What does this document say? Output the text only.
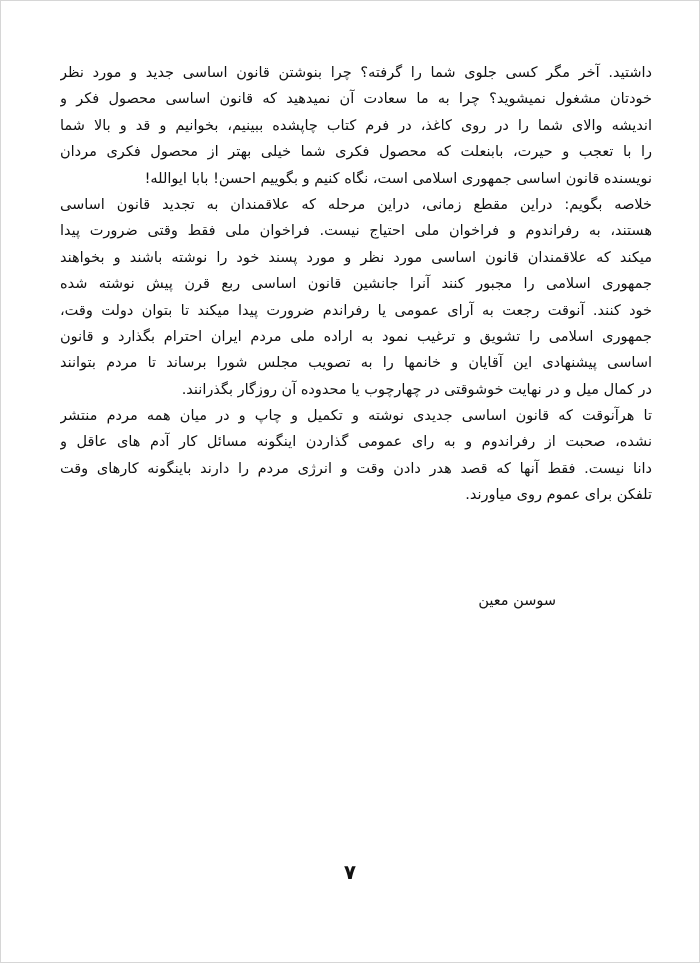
داشتید. آخر مگر کسی جلوی شما را گرفته؟ چرا بنوشتن قانون اساسی جدید و مورد نظر
خودتان مشغول نمیشوید؟ چرا به ما سعادت آن نمیدهید که قانون اساسی محصول فکر و
اندیشه والای شما را در روی کاغذ، در فرم کتاب چاپشده ببینیم، بخوانیم و قد و بالا شما
را با تعجب و حیرت، بابنعلت که محصول فکری شما خیلی بهتر از محصول فکری مردان
نویسنده قانون اساسی جمهوری اسلامی است، نگاه کنیم و بگوییم احسن! بابا ایوالله!
خلاصه بگویم: دراین مقطع زمانی، دراین مرحله که علاقمندان به تجدید قانون اساسی
هستند، به رفراندوم و فراخوان ملی احتیاج نیست. فراخوان ملی فقط وقتی ضرورت پیدا
میکند که علاقمندان قانون اساسی مورد نظر و مورد پسند خود را نوشته باشند و بخواهند
جمهوری اسلامی را مجبور کنند آنرا جانشین قانون اساسی ربع قرن پیش نوشته شده
خود کنند. آنوقت رجعت به آرای عمومی یا رفراندم ضرورت پیدا میکند تا بتوان دولت وقت،
جمهوری اسلامی را تشویق و ترغیب نمود به اراده ملی مردم ایران احترام بگذارد و قانون
اساسی پیشنهادی این آقایان و خانمها را به تصویب مجلس شورا برساند تا مردم بتوانند
در کمال میل و در نهایت خوشوقتی در چهارچوب یا محدوده آن روزگار بگذرانند.
تا هرآنوقت که قانون اساسی جدیدی نوشته و تکمیل و چاپ و در میان همه مردم منتشر
نشده، صحبت از رفراندوم و به رای عمومی گذاردن اینگونه مسائل کار آدم های عاقل و
دانا نیست. فقط آنها که قصد هدر دادن وقت و انرژی مردم را دارند باینگونه کارهای وقت
تلفکن برای عموم روی میاورند.
سوسن معین
۷
